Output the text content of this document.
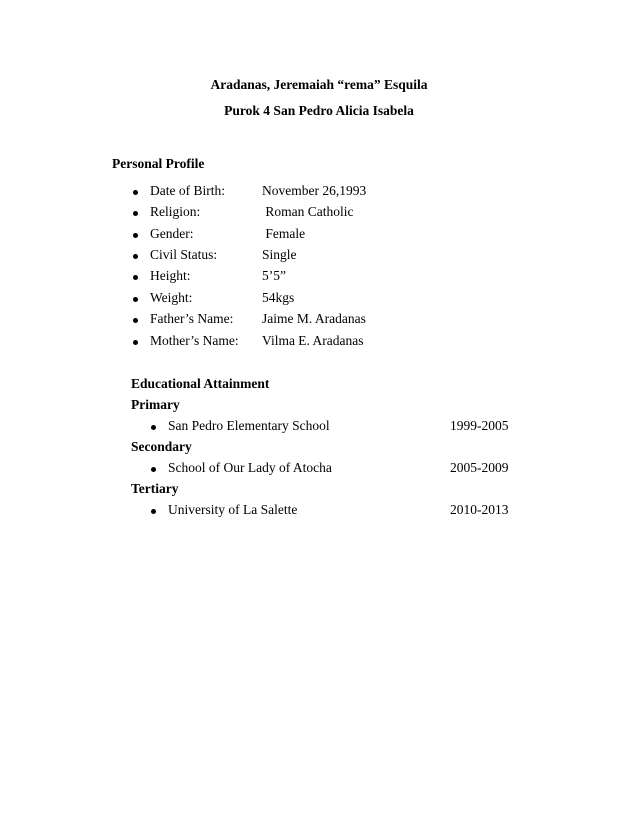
Aradanas, Jeremaiah “rema” Esquila
Purok 4 San Pedro Alicia Isabela
Personal Profile
Date of Birth:	November 26,1993
Religion:	Roman Catholic
Gender:	Female
Civil Status:	Single
Height:	5’5”
Weight:	54kgs
Father’s Name: Jaime M. Aradanas
Mother’s Name: Vilma E. Aradanas
Educational Attainment
Primary
San Pedro Elementary School	1999-2005
Secondary
School of Our Lady of Atocha	2005-2009
Tertiary
University of La Salette	2010-2013
